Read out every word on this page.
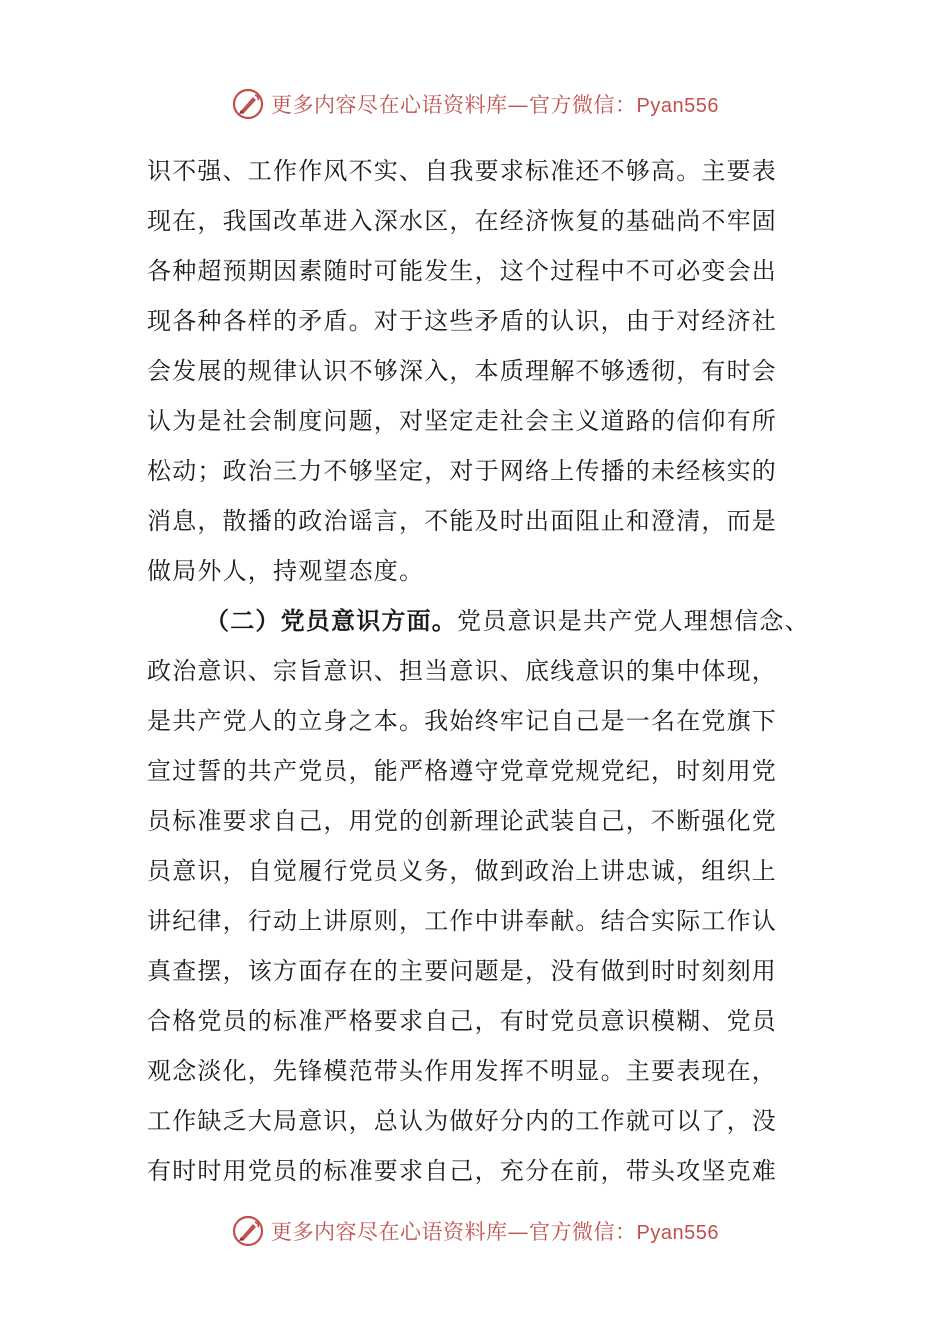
更多内容尽在心语资料库—官方微信：Pyan556
识不强、工作作风不实、自我要求标准还不够高。主要表
现在，我国改革进入深水区，在经济恢复的基础尚不牢固
各种超预期因素随时可能发生，这个过程中不可必变会出
现各种各样的矛盾。对于这些矛盾的认识，由于对经济社
会发展的规律认识不够深入，本质理解不够透彻，有时会
认为是社会制度问题，对坚定走社会主义道路的信仰有所
松动；政治三力不够坚定，对于网络上传播的未经核实的
消息，散播的政治谣言，不能及时出面阻止和澄清，而是
做局外人，持观望态度。
（二）党员意识方面。党员意识是共产党人理想信念、
政治意识、宗旨意识、担当意识、底线意识的集中体现，
是共产党人的立身之本。我始终牢记自己是一名在党旗下
宣过誓的共产党员，能严格遵守党章党规党纪，时刻用党
员标准要求自己，用党的创新理论武装自己，不断强化党
员意识，自觉履行党员义务，做到政治上讲忠诚，组织上
讲纪律，行动上讲原则，工作中讲奉献。结合实际工作认
真查摆，该方面存在的主要问题是，没有做到时时刻刻用
合格党员的标准严格要求自己，有时党员意识模糊、党员
观念淡化，先锋模范带头作用发挥不明显。主要表现在，
工作缺乏大局意识，总认为做好分内的工作就可以了，没
有时时用党员的标准要求自己，充分在前，带头攻坚克难
更多内容尽在心语资料库—官方微信：Pyan556
